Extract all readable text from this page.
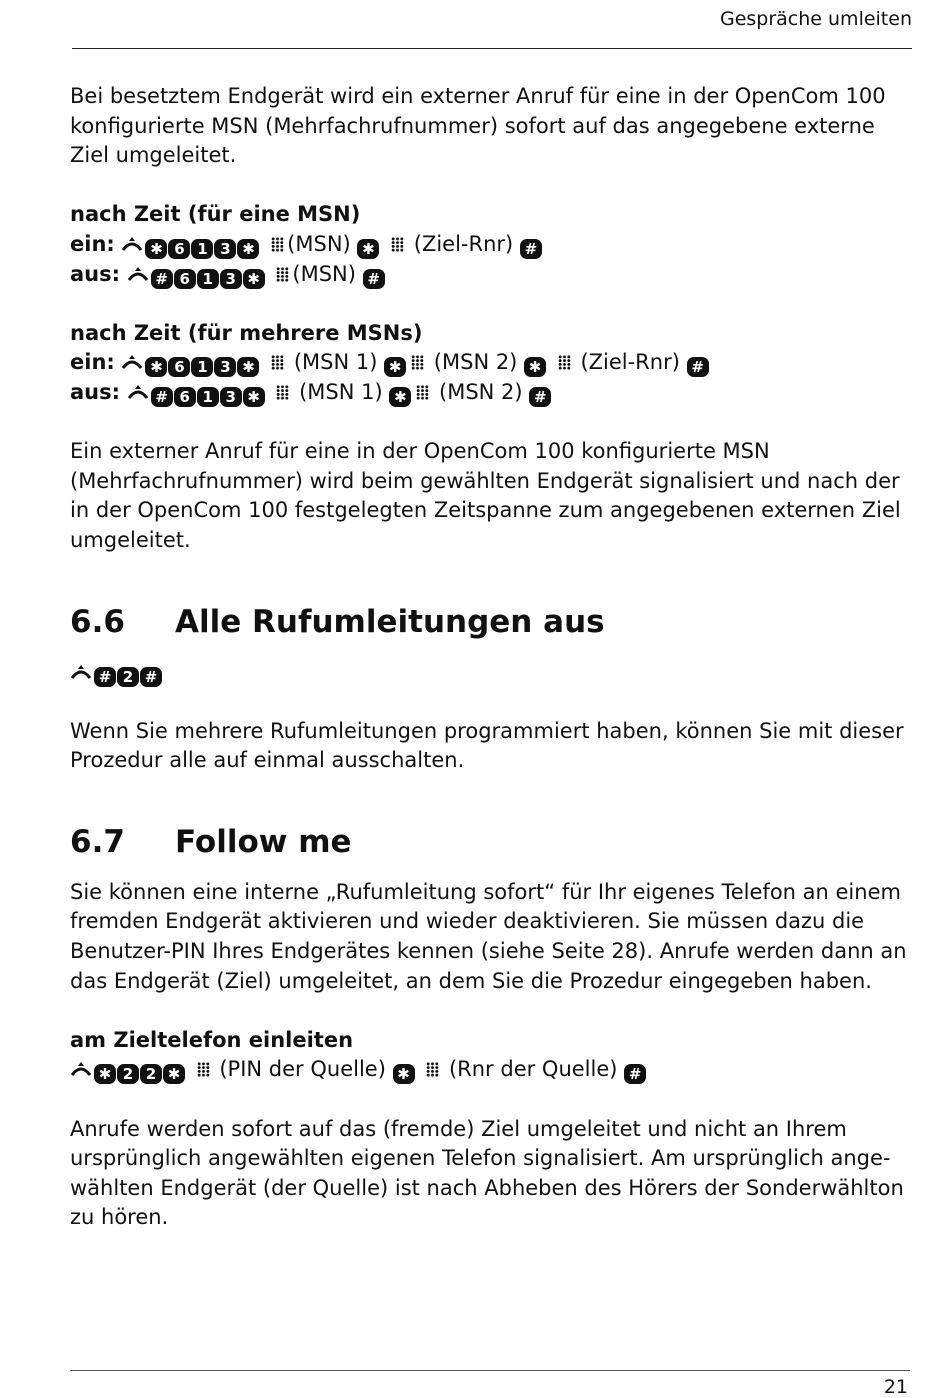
Gespräche umleiten

Bei besetztem Endgerät wird ein externer Anruf für eine in der OpenCom 100 konfigurierte MSN (Mehrfachrufnummer) sofort auf das angegebene externe Ziel umgeleitet.

nach Zeit (für eine MSN)

ein: ✱ 6 1 3 ✱ (MSN) ✱  (Ziel-Rnr) #
aus: # 6 1 3 ✱ (MSN) #

nach Zeit (für mehrere MSNs)

ein: ✱ 6 1 3 ✱  (MSN 1) ✱ (MSN 2) ✱  (Ziel-Rnr) #
aus: # 6 1 3 ✱  (MSN 1) ✱ (MSN 2) #

Ein externer Anruf für eine in der OpenCom 100 konfigurierte MSN (Mehrfachrufnummer) wird beim gewählten Endgerät signalisiert und nach der in der OpenCom 100 festgelegten Zeitspanne zum angegebenen externen Ziel umgeleitet.

6.6 Alle Rufumleitungen aus
# 2 #

Wenn Sie mehrere Rufumleitungen programmiert haben, können Sie mit dieser Prozedur alle auf einmal ausschalten.

6.7 Follow me

Sie können eine interne „Rufumleitung sofort“ für Ihr eigenes Telefon an einem fremden Endgerät aktivieren und wieder deaktivieren. Sie müssen dazu die Benutzer-PIN Ihres Endgerätes kennen (siehe Seite 28). Anrufe werden dann an das Endgerät (Ziel) umgeleitet, an dem Sie die Prozedur eingegeben haben.

am Zieltelefon einleiten

✱ 2 2 ✱  (PIN der Quelle) ✱  (Rnr der Quelle) #

Anrufe werden sofort auf das (fremde) Ziel umgeleitet und nicht an Ihrem ursprünglich angewählten eigenen Telefon signalisiert. Am ursprünglich angewählten Endgerät (der Quelle) ist nach Abheben des Hörers der Sonderwählton zu hören.

21
